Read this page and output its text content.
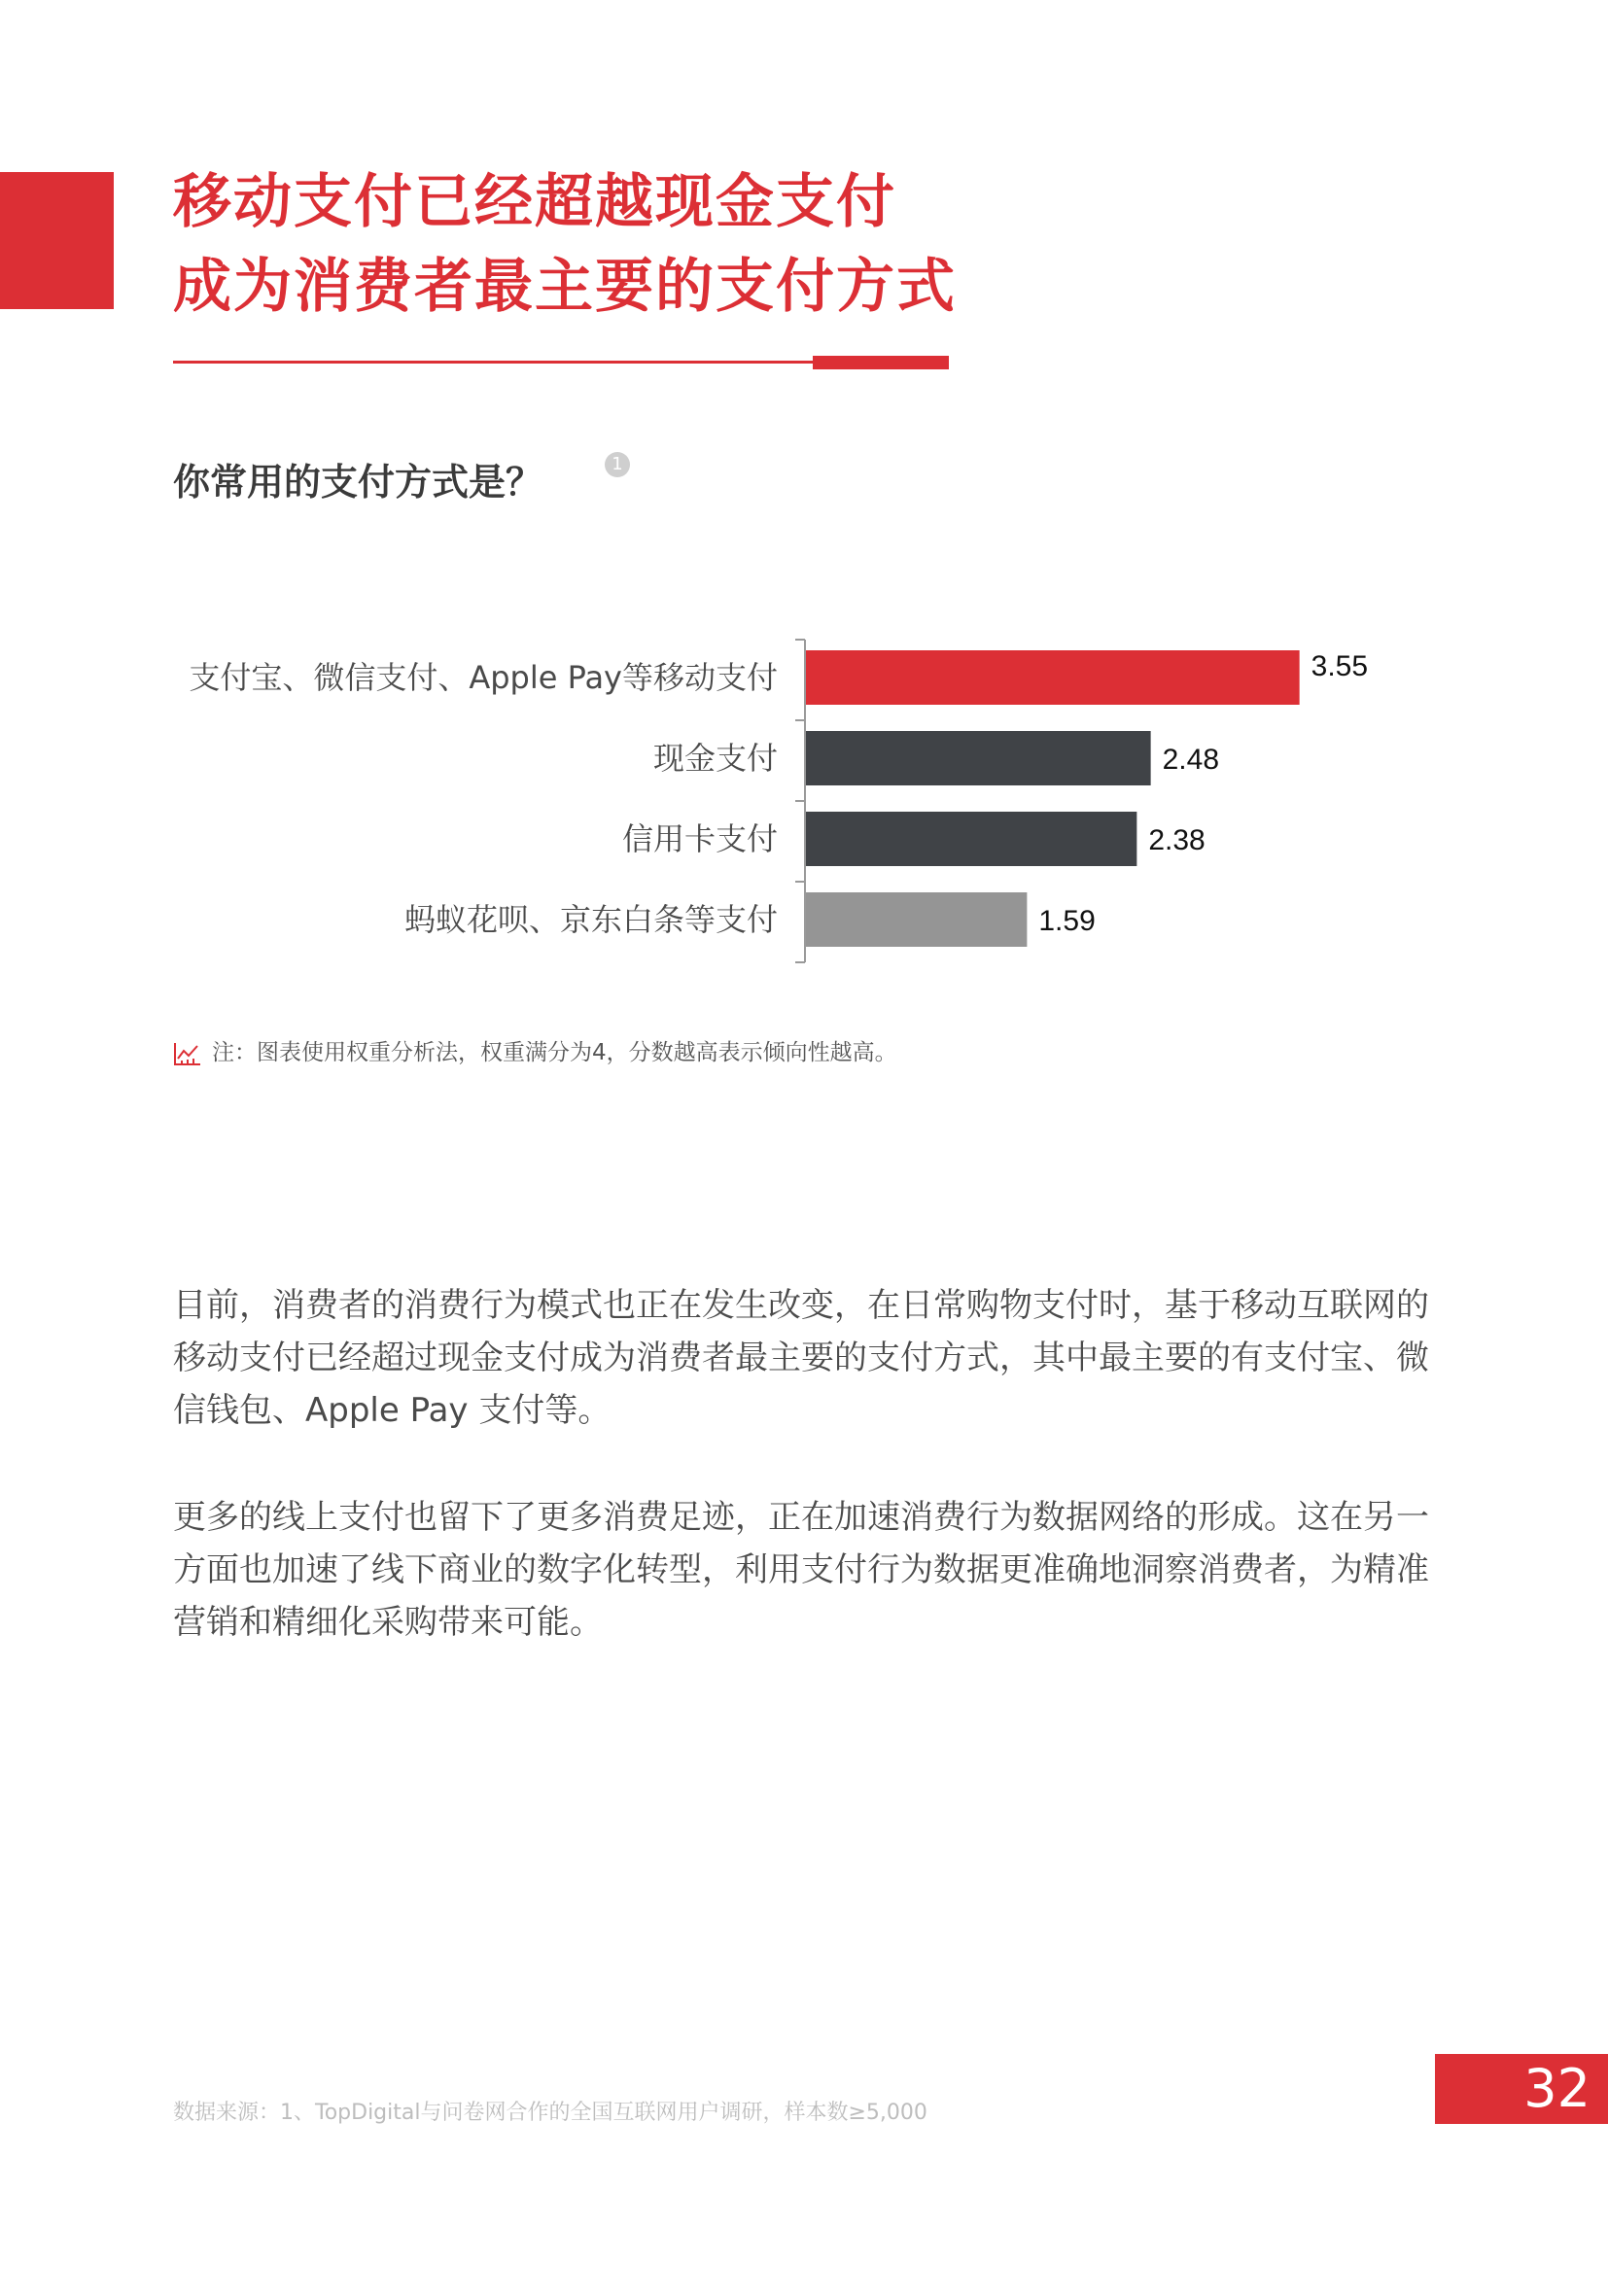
移动支付已经超越现金支付
成为消费者最主要的支付方式
你常用的支付方式是？	1
支付宝、微信支付、Apple Pay等移动支付	3.55
现金支付	2.48
信用卡支付	2.38
蚂蚁花呗、京东白条等支付	1.59
注：图表使用权重分析法，权重满分为4，分数越高表示倾向性越高。
目前，消费者的消费行为模式也正在发生改变，在日常购物支付时，基于移动互联网的
移动支付已经超过现金支付成为消费者最主要的支付方式，其中最主要的有支付宝、微
信钱包、Apple Pay 支付等。
更多的线上支付也留下了更多消费足迹，正在加速消费行为数据网络的形成。这在另一
方面也加速了线下商业的数字化转型，利用支付行为数据更准确地洞察消费者，为精准
营销和精细化采购带来可能。
数据来源：1、TopDigital与问卷网合作的全国互联网用户调研，样本数≥5,000	32
